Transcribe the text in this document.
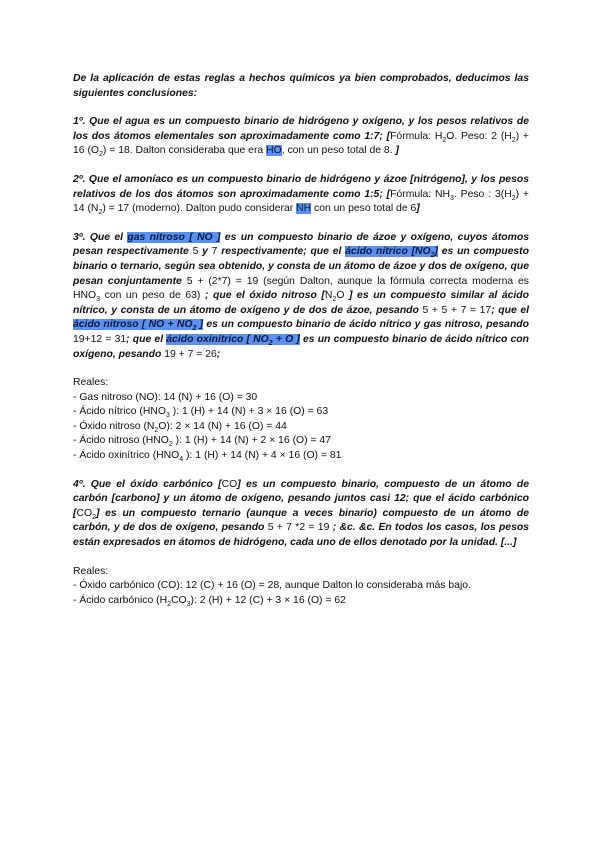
De la aplicación de estas reglas a hechos químicos ya bien comprobados, deducimos las siguientes conclusiones:

1º. Que el agua es un compuesto binario de hidrógeno y oxígeno, y los pesos relativos de los dos átomos elementales son aproximadamente como 1:7; [Fórmula: $H_2O$. Peso: 2 $(H_2) + 16$ $(O_2) = 18$. Dalton consideraba que era HO, con un peso total de 8. ]

2º. Que el amoníaco es un compuesto binario de hidrógeno y ázoe [nitrógeno], y los pesos relativos de los dos átomos son aproximadamente como 1:5; [Fórmula: $NH_3$. Peso : $3(H_2) + 14$ $(N_2) = 17$ (moderno). Dalton pudo considerar NH con un peso total de 6]

3º. Que el gas nitroso [ NO ] es un compuesto binario de ázoe y oxígeno, cuyos átomos pesan respectivamente 5 y 7 respectivamente; que el ácido nítrico $[NO_2]$ es un compuesto binario o ternario, según sea obtenido, y consta de un átomo de ázoe y dos de oxígeno, que pesan conjuntamente 5 + (2*7) = 19 (según Dalton, aunque la fórmula correcta moderna es $HNO_3$ con un peso de 63) ; que el óxido nitroso [$N_2O$ ] es un compuesto similar al ácido nítrico, y consta de un átomo de oxígeno y de dos de ázoe, pesando 5 + 5 + 7 = 17; que el ácido nitroso [ NO + $NO_2$ ] es un compuesto binario de ácido nítrico y gas nitroso, pesando 19+12 = 31; que el ácido oxinítrico [ $NO_2 + O$ ] es un compuesto binario de ácido nítrico con oxígeno, pesando 19 + 7 = 26;

Reales:
- Gas nitroso (NO): 14 (N) + 16 (O) = 30
- Ácido nítrico ($HNO_3$ ): 1 (H) + 14 (N) + 3 × 16 (O) = 63
- Óxido nitroso $(N_2O)$: 2 × 14 (N) + 16 (O) = 44
- Ácido nitroso ($HNO_2$ ): 1 (H) + 14 (N) + 2 × 16 (O) = 47
- Ácido oxinítrico ($HNO_4$ ): 1 (H) + 14 (N) + 4 × 16 (O) = 81

4º. Que el óxido carbónico [CO] es un compuesto binario, compuesto de un átomo de carbón [carbono] y un átomo de oxígeno, pesando juntos casi 12; que el ácido carbónico $[CO_2]$ es un compuesto ternario (aunque a veces binario) compuesto de un átomo de carbón, y de dos de oxígeno, pesando 5 + 7 *2 = 19 ; &c. &c. En todos los casos, los pesos están expresados en átomos de hidrógeno, cada uno de ellos denotado por la unidad. [...]

Reales:
- Óxido carbónico (CO): 12 (C) + 16 (O) = 28, aunque Dalton lo consideraba más bajo.
- Ácido carbónico $(H_2CO_3)$: 2 (H) + 12 (C) + 3 × 16 (O) = 62
